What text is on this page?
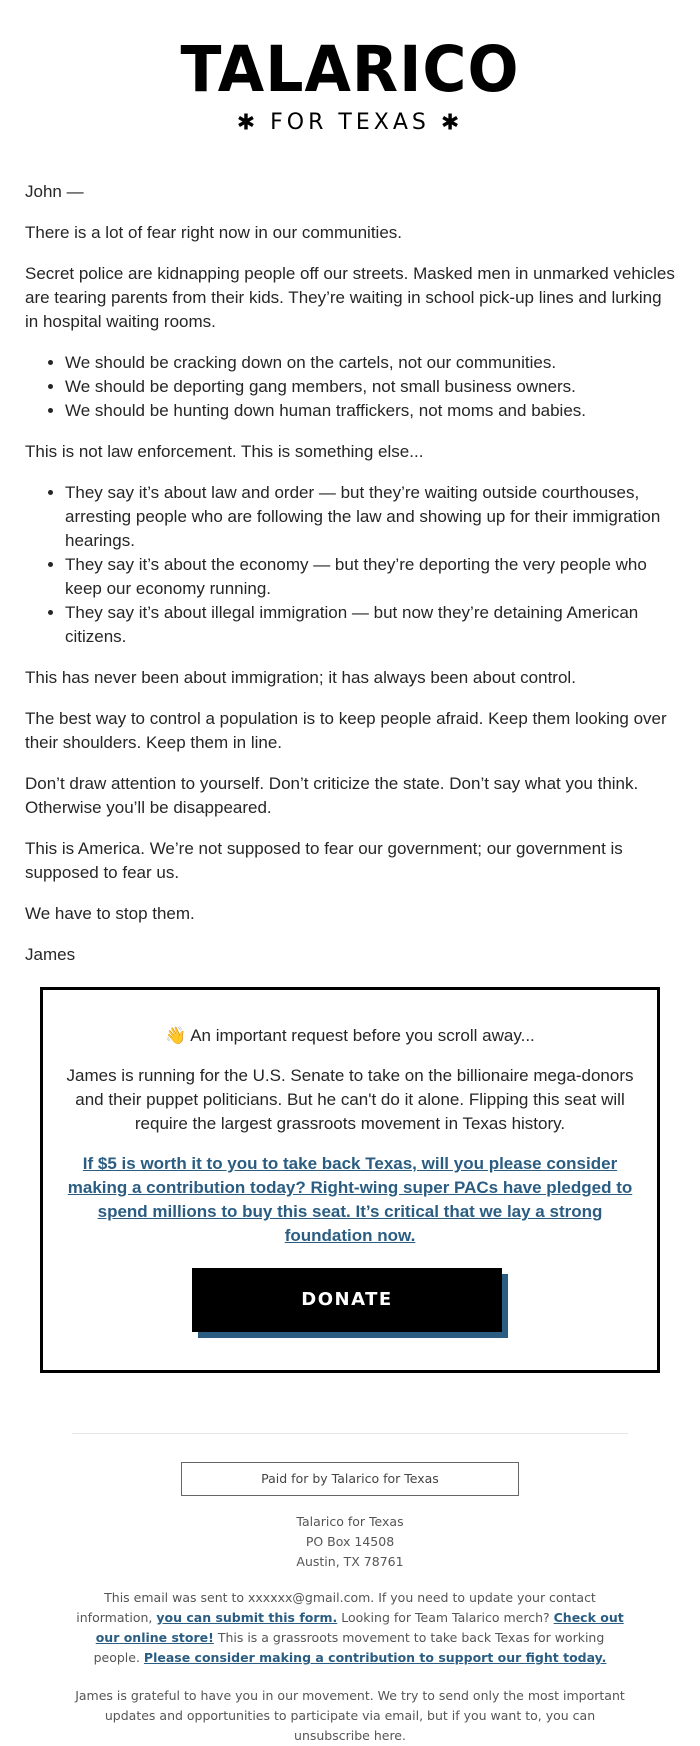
TALARICO
✱ FOR TEXAS ✱

John —

There is a lot of fear right now in our communities.

Secret police are kidnapping people off our streets. Masked men in unmarked vehicles are tearing parents from their kids. They’re waiting in school pick-up lines and lurking in hospital waiting rooms.

• We should be cracking down on the cartels, not our communities.
• We should be deporting gang members, not small business owners.
• We should be hunting down human traffickers, not moms and babies.

This is not law enforcement. This is something else...

• They say it’s about law and order — but they’re waiting outside courthouses, arresting people who are following the law and showing up for their immigration hearings.
• They say it’s about the economy — but they’re deporting the very people who keep our economy running.
• They say it’s about illegal immigration — but now they’re detaining American citizens.

This has never been about immigration; it has always been about control.

The best way to control a population is to keep people afraid. Keep them looking over their shoulders. Keep them in line.

Don’t draw attention to yourself. Don’t criticize the state. Don’t say what you think. Otherwise you’ll be disappeared.

This is America. We’re not supposed to fear our government; our government is supposed to fear us.

We have to stop them.

James

👋 An important request before you scroll away...

James is running for the U.S. Senate to take on the billionaire mega-donors and their puppet politicians. But he can't do it alone. Flipping this seat will require the largest grassroots movement in Texas history.

If $5 is worth it to you to take back Texas, will you please consider making a contribution today? Right-wing super PACs have pledged to spend millions to buy this seat. It’s critical that we lay a strong foundation now.

DONATE
Paid for by Talarico for Texas
Talarico for Texas
PO Box 14508
Austin, TX 78761
This email was sent to xxxxxx@gmail.com. If you need to update your contact information, you can submit this form. Looking for Team Talarico merch? Check out our online store! This is a grassroots movement to take back Texas for working people. Please consider making a contribution to support our fight today.
James is grateful to have you in our movement. We try to send only the most important updates and opportunities to participate via email, but if you want to, you can unsubscribe here.
